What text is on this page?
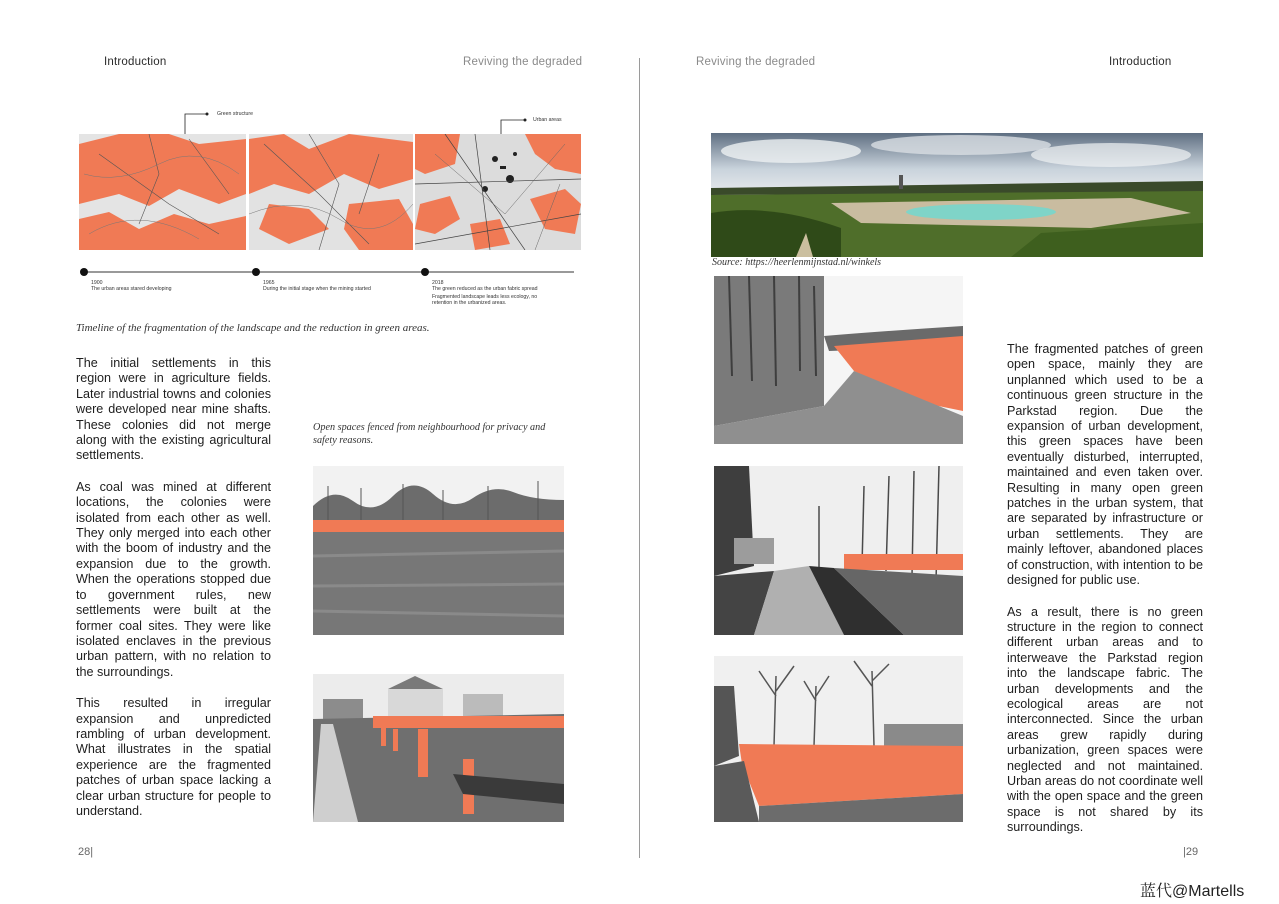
Introduction	Reviving the degraded
Green structure
Urban areas
1900
The urban areas stared developing
1965
During the initial stage when the mining started
2018
The green reduced as the urban fabric spread
Fragmented landscape leads less ecology, no retention in the urbanized areas.
Timeline of the fragmentation of the landscape and the reduction in green areas.

The initial settlements in this region were in agriculture fields. Later industrial towns and colonies were developed near mine shafts. These colonies did not merge along with the existing agricultural settlements.

As coal was mined at different locations, the colonies were isolated from each other as well. They only merged into each other with the boom of industry and the expansion due to the growth. When the operations stopped due to government rules, new settlements were built at the former coal sites. They were like isolated enclaves in the previous urban pattern, with no relation to the surroundings.

This resulted in irregular expansion and unpredicted rambling of urban development. What illustrates in the spatial experience are the fragmented patches of urban space lacking a clear urban structure for people to understand.

Open spaces fenced from neighbourhood for privacy and safety reasons.
28|
Reviving the degraded	Introduction
Source: https://heerlenmijnstad.nl/winkels

The fragmented patches of green open space, mainly they are unplanned which used to be a continuous green structure in the Parkstad region. Due the expansion of urban development, this green spaces have been eventually disturbed, interrupted, maintained and even taken over. Resulting in many open green patches in the urban system, that are separated by infrastructure or urban settlements. They are mainly leftover, abandoned places of construction, with intention to be designed for public use.

As a result, there is no green structure in the region to connect different urban areas and to interweave the Parkstad region into the landscape fabric. The urban developments and the ecological areas are not interconnected. Since the urban areas grew rapidly during urbanization, green spaces were neglected and not maintained. Urban areas do not coordinate well with the open space and the green space is not shared by its surroundings.

|29
蓝代@Martells
